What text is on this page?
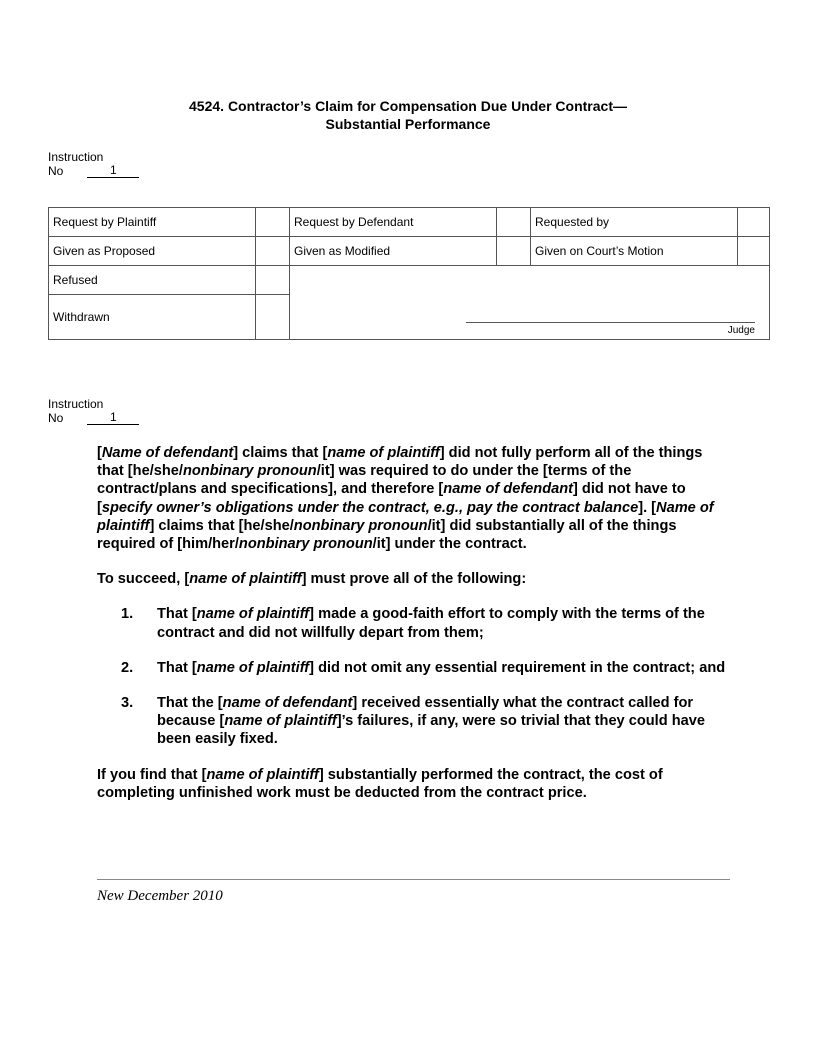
4524. Contractor’s Claim for Compensation Due Under Contract—
Substantial Performance
Instruction
No	1
Request by Plaintiff		Request by Defendant		Requested by	
Given as Proposed		Given as Modified		Given on Court’s Motion	
Refused		Judge			

Withdrawn					
Instruction
No	1

[Name of defendant] claims that [name of plaintiff] did not fully perform all of the things that [he/she/nonbinary pronoun/it] was required to do under the [terms of the contract/plans and specifications], and therefore [name of defendant] did not have to [specify owner’s obligations under the contract, e.g., pay the contract balance]. [Name of plaintiff] claims that [he/she/nonbinary pronoun/it] did substantially all of the things required of [him/her/nonbinary pronoun/it] under the contract.

To succeed, [name of plaintiff] must prove all of the following:

1.	That [name of plaintiff] made a good-faith effort to comply with the terms of the contract and did not willfully depart from them;
2.	That [name of plaintiff] did not omit any essential requirement in the contract; and
3.	That the [name of defendant] received essentially what the contract called for because [name of plaintiff]’s failures, if any, were so trivial that they could have been easily fixed.

If you find that [name of plaintiff] substantially performed the contract, the cost of completing unfinished work must be deducted from the contract price.

New December 2010
